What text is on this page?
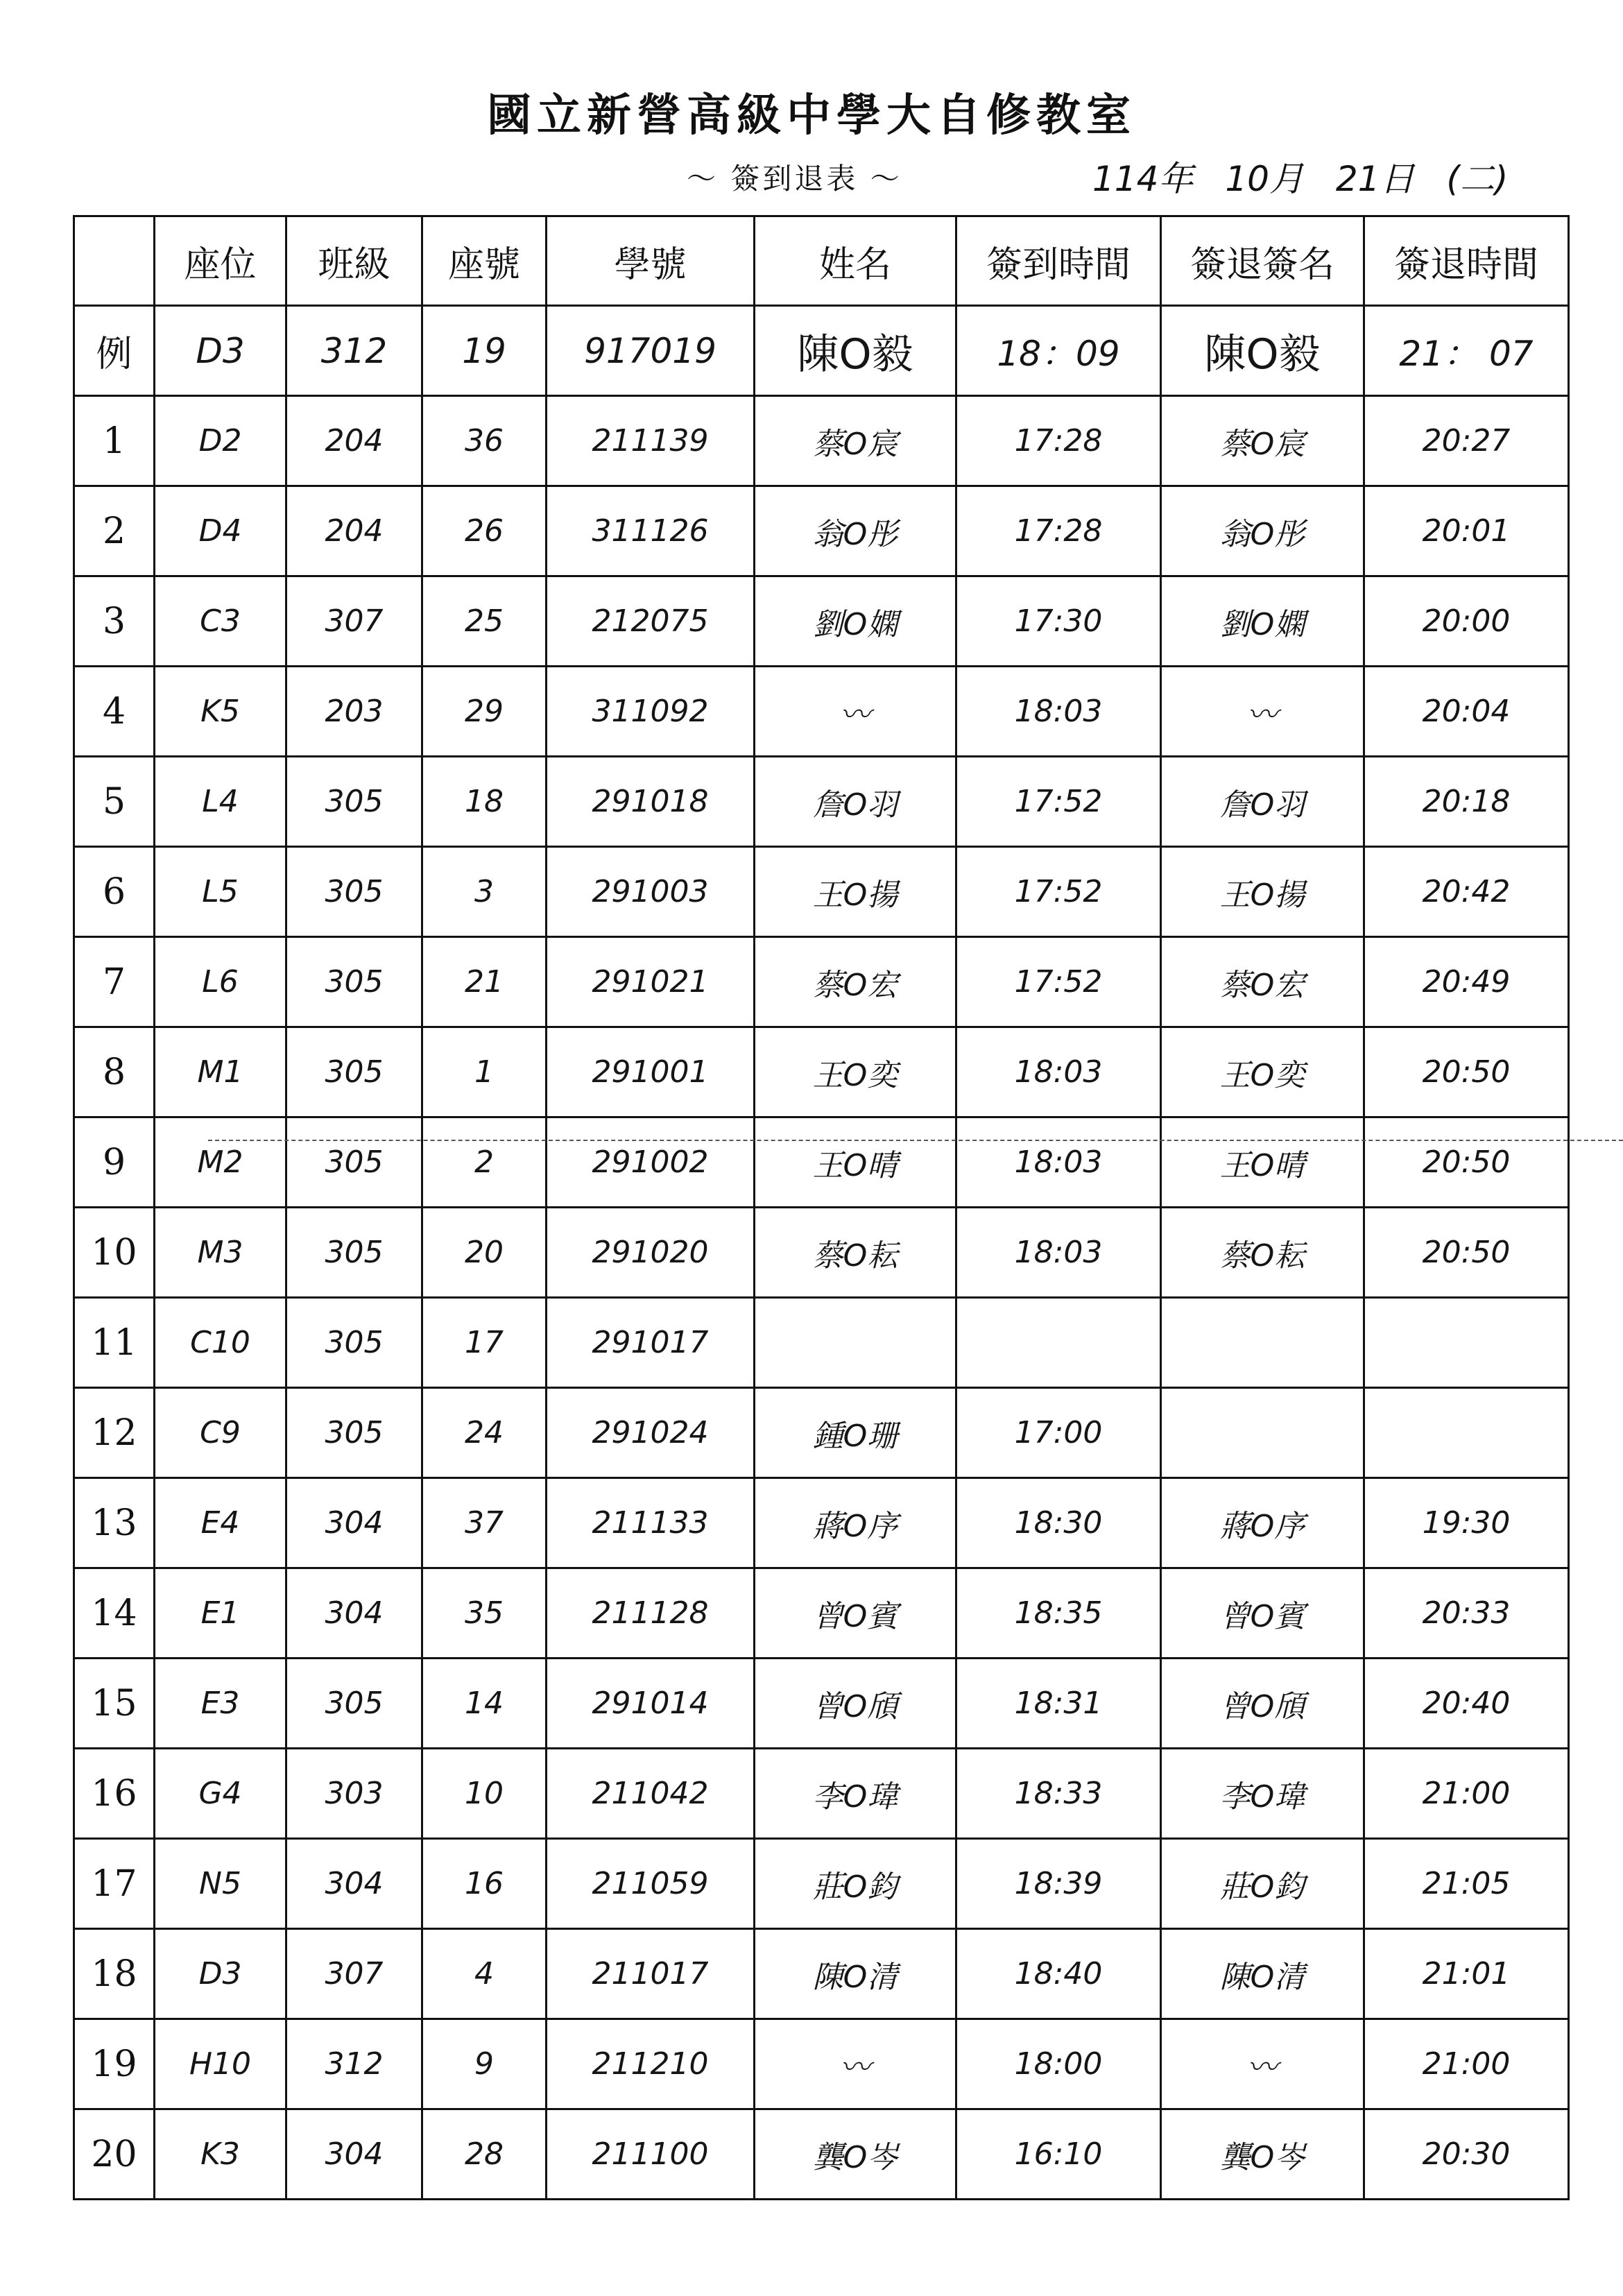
國立新營高級中學大自修教室
～ 簽到退表 ～	114年 10月 21日 (二)
	座位	班級	座號	學號	姓名	簽到時間	簽退簽名	簽退時間
例	D3	312	19	917019	陳O毅	18：09	陳O毅	21： 07
1	D2	204	36	211139	蔡O宸	17:28	蔡O宸	20:27
2	D4	204	26	311126	翁O彤	17:28	翁O彤	20:01
3	C3	307	25	212075	劉O嫻	17:30	劉O嫻	20:00
4	K5	203	29	311092	〰	18:03	〰	20:04
5	L4	305	18	291018	詹O羽	17:52	詹O羽	20:18
6	L5	305	3	291003	王O揚	17:52	王O揚	20:42
7	L6	305	21	291021	蔡O宏	17:52	蔡O宏	20:49
8	M1	305	1	291001	王O奕	18:03	王O奕	20:50
9	M2	305	2	291002	王O晴	18:03	王O晴	20:50
10	M3	305	20	291020	蔡O耘	18:03	蔡O耘	20:50
11	C10	305	17	291017				
12	C9	305	24	291024	鍾O珊	17:00		
13	E4	304	37	211133	蔣O序	18:30	蔣O序	19:30
14	E1	304	35	211128	曾O賓	18:35	曾O賓	20:33
15	E3	305	14	291014	曾O頎	18:31	曾O頎	20:40
16	G4	303	10	211042	李O瑋	18:33	李O瑋	21:00
17	N5	304	16	211059	莊O鈞	18:39	莊O鈞	21:05
18	D3	307	4	211017	陳O清	18:40	陳O清	21:01
19	H10	312	9	211210	〰	18:00	〰	21:00
20	K3	304	28	211100	龔O岑	16:10	龔O岑	20:30
